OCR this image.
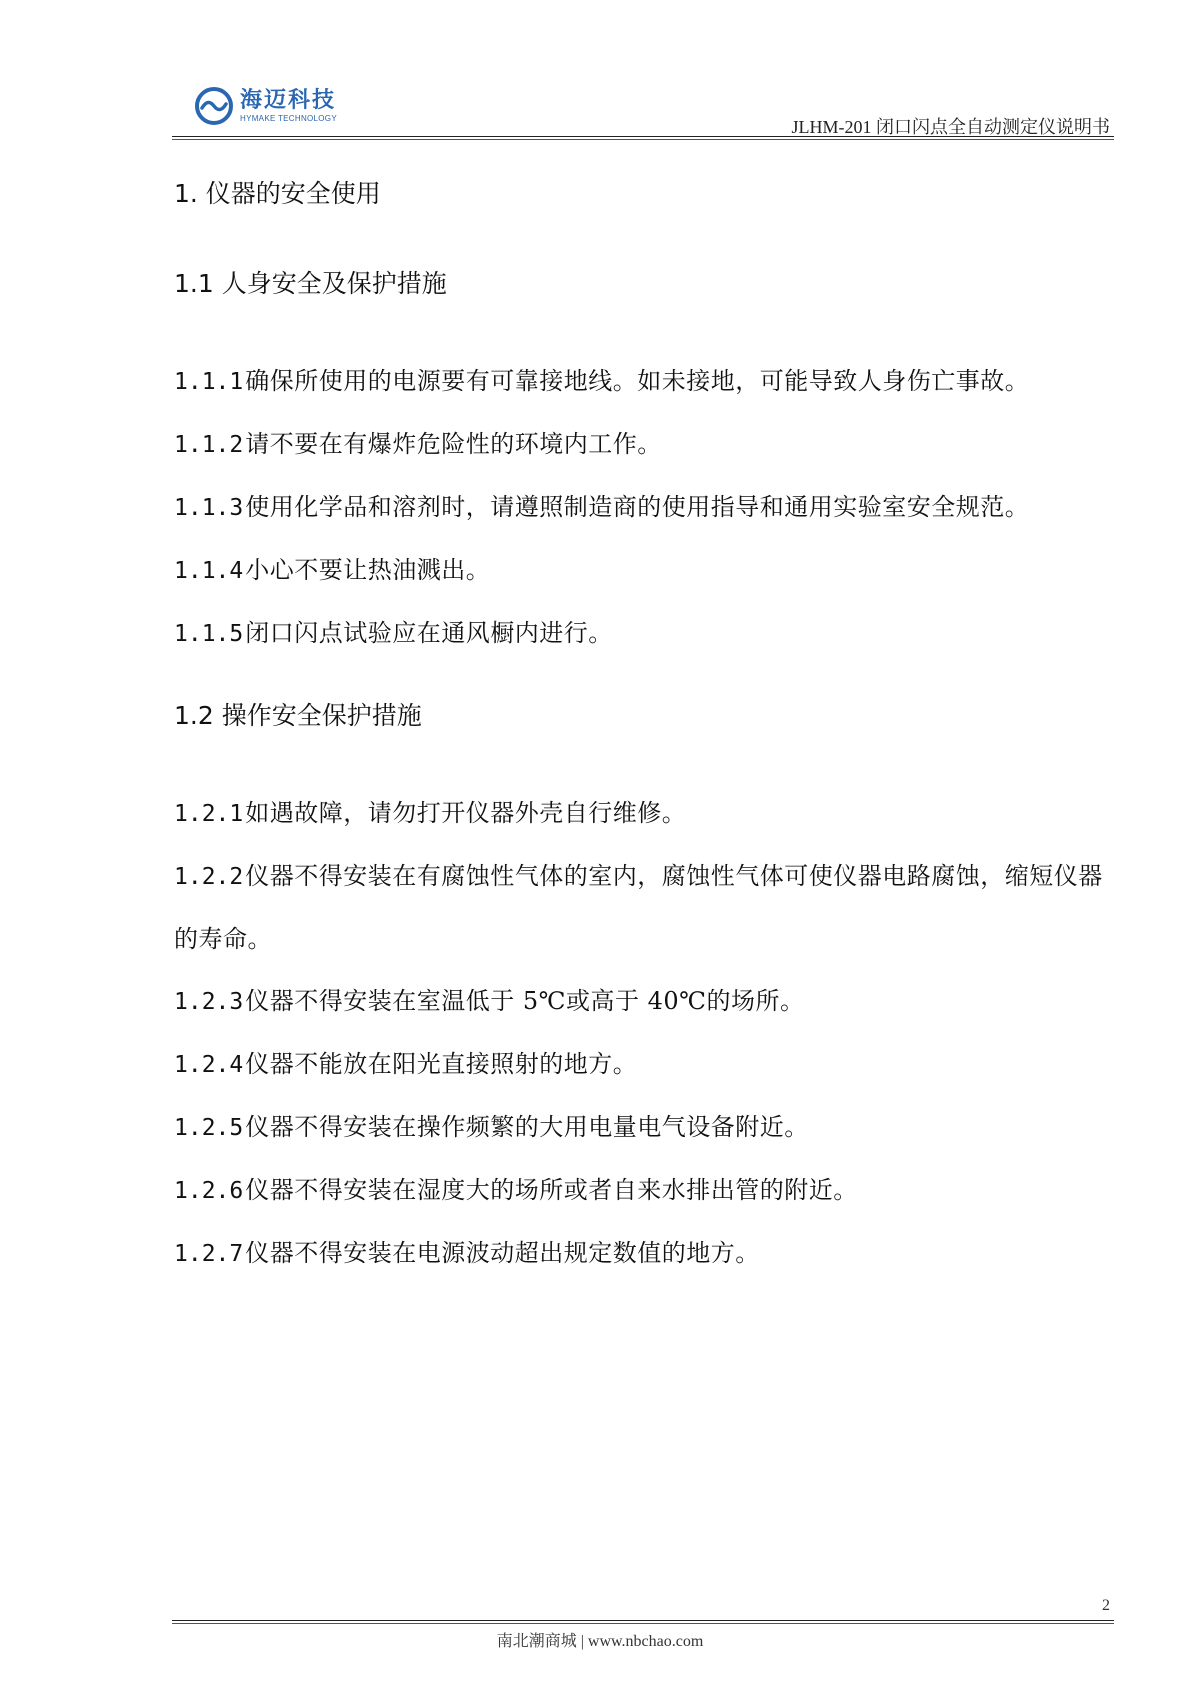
海迈科技
HYMAKE TECHNOLOGY	JLHM-201 闭口闪点全自动测定仪说明书
1. 仪器的安全使用
1.1 人身安全及保护措施
1.1.1确保所使用的电源要有可靠接地线。如未接地，可能导致人身伤亡事故。
1.1.2请不要在有爆炸危险性的环境内工作。
1.1.3使用化学品和溶剂时，请遵照制造商的使用指导和通用实验室安全规范。
1.1.4小心不要让热油溅出。
1.1.5闭口闪点试验应在通风橱内进行。
1.2 操作安全保护措施
1.2.1如遇故障，请勿打开仪器外壳自行维修。
1.2.2仪器不得安装在有腐蚀性气体的室内，腐蚀性气体可使仪器电路腐蚀，缩短仪器的寿命。
1.2.3仪器不得安装在室温低于 5℃或高于 40℃的场所。
1.2.4仪器不能放在阳光直接照射的地方。
1.2.5仪器不得安装在操作频繁的大用电量电气设备附近。
1.2.6仪器不得安装在湿度大的场所或者自来水排出管的附近。
1.2.7仪器不得安装在电源波动超出规定数值的地方。
2
南北潮商城 | www.nbchao.com
